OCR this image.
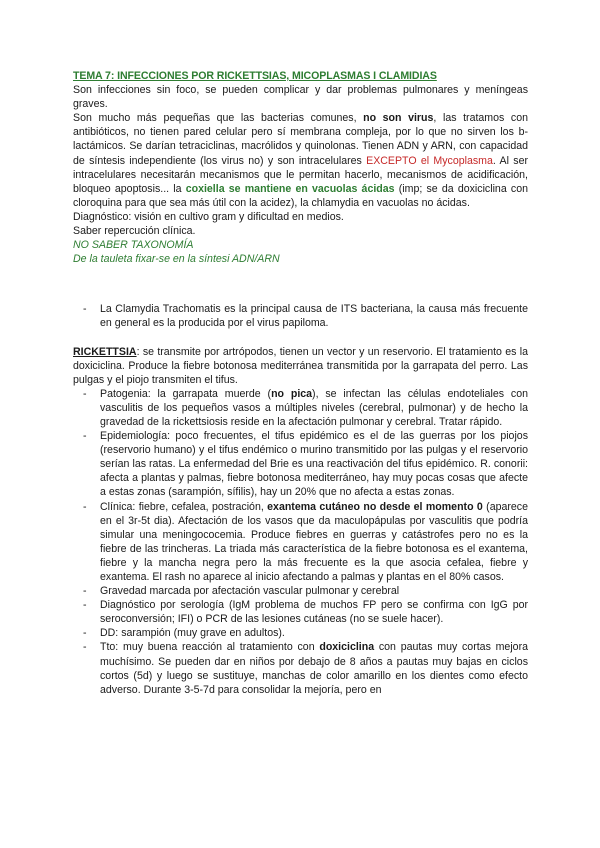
TEMA 7: INFECCIONES POR RICKETTSIAS, MICOPLASMAS I CLAMIDIAS

Son infecciones sin foco, se pueden complicar y dar problemas pulmonares y meníngeas graves.

Son mucho más pequeñas que las bacterias comunes, no son virus, las tratamos con antibióticos, no tienen pared celular pero sí membrana compleja, por lo que no sirven los b-lactámicos. Se darían tetraciclinas, macrólidos y quinolonas. Tienen ADN y ARN, con capacidad de síntesis independiente (los virus no) y son intracelulares EXCEPTO el Mycoplasma. Al ser intracelulares necesitarán mecanismos que le permitan hacerlo, mecanismos de acidificación, bloqueo apoptosis... la coxiella se mantiene en vacuolas ácidas (imp; se da doxiciclina con cloroquina para que sea más útil con la acidez), la chlamydia en vacuolas no ácidas.

Diagnóstico: visión en cultivo gram y dificultad en medios.

Saber repercución clínica.

NO SABER TAXONOMÍA

De la tauleta fixar-se en la síntesi ADN/ARN

- La Clamydia Trachomatis es la principal causa de ITS bacteriana, la causa más frecuente en general es la producida por el virus papiloma.

RICKETTSIA: se transmite por artrópodos, tienen un vector y un reservorio. El tratamiento es la doxiciclina. Produce la fiebre botonosa mediterránea transmitida por la garrapata del perro. Las pulgas y el piojo transmiten el tifus.

- Patogenia: la garrapata muerde (no pica), se infectan las células endoteliales con vasculitis de los pequeños vasos a múltiples niveles (cerebral, pulmonar) y de hecho la gravedad de la rickettsiosis reside en la afectación pulmonar y cerebral. Tratar rápido.
- Epidemiología: poco frecuentes, el tifus epidémico es el de las guerras por los piojos (reservorio humano) y el tifus endémico o murino transmitido por las pulgas y el reservorio serían las ratas. La enfermedad del Brie es una reactivación del tifus epidémico. R. conorii: afecta a plantas y palmas, fiebre botonosa mediterráneo, hay muy pocas cosas que afecte a estas zonas (sarampión, sífilis), hay un 20% que no afecta a estas zonas.
- Clínica: fiebre, cefalea, postración, exantema cutáneo no desde el momento 0 (aparece en el 3r-5t dia). Afectación de los vasos que da maculopápulas por vasculitis que podría simular una meningococemia. Produce fiebres en guerras y catástrofes pero no es la fiebre de las trincheras. La triada más característica de la fiebre botonosa es el exantema, fiebre y la mancha negra pero la más frecuente es la que asocia cefalea, fiebre y exantema. El rash no aparece al inicio afectando a palmas y plantas en el 80% casos.
- Gravedad marcada por afectación vascular pulmonar y cerebral
- Diagnóstico por serología (IgM problema de muchos FP pero se confirma con IgG por seroconversión; IFI) o PCR de las lesiones cutáneas (no se suele hacer).
- DD: sarampión (muy grave en adultos).
- Tto: muy buena reacción al tratamiento con doxiciclina con pautas muy cortas mejora muchísimo. Se pueden dar en niños por debajo de 8 años a pautas muy bajas en ciclos cortos (5d) y luego se sustituye, manchas de color amarillo en los dientes como efecto adverso. Durante 3-5-7d para consolidar la mejoría, pero en
